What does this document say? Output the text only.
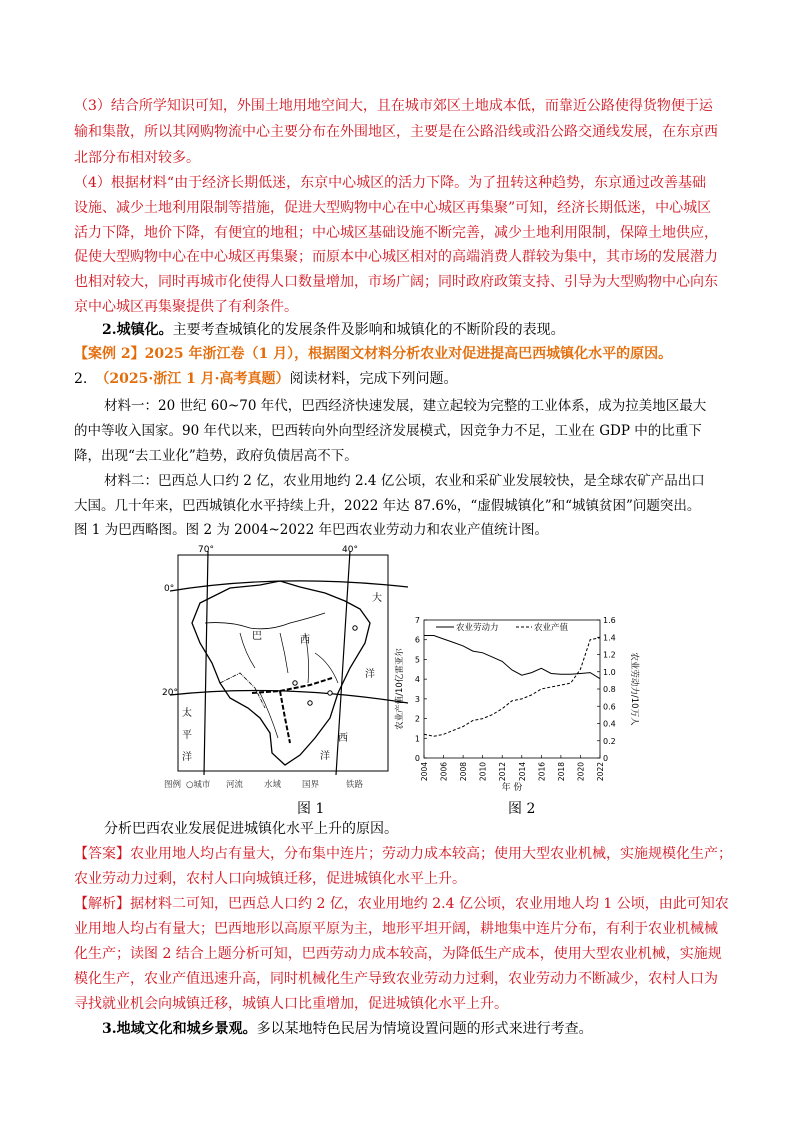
（3）结合所学知识可知，外围土地用地空间大，且在城市郊区土地成本低，而靠近公路使得货物便于运
输和集散，所以其网购物流中心主要分布在外围地区，主要是在公路沿线或沿公路交通线发展，在东京西
北部分布相对较多。
（4）根据材料“由于经济长期低迷，东京中心城区的活力下降。为了扭转这种趋势，东京通过改善基础
设施、减少土地利用限制等措施，促进大型购物中心在中心城区再集聚”可知，经济长期低迷，中心城区
活力下降，地价下降，有便宜的地租；中心城区基础设施不断完善，减少土地利用限制，保障土地供应，
促使大型购物中心在中心城区再集聚；而原本中心城区相对的高端消费人群较为集中，其市场的发展潜力
也相对较大，同时再城市化使得人口数量增加，市场广阔；同时政府政策支持、引导为大型购物中心向东
京中心城区再集聚提供了有利条件。
2.城镇化。主要考查城镇化的发展条件及影响和城镇化的不断阶段的表现。
【案例 2】2025 年浙江卷（1 月），根据图文材料分析农业对促进提高巴西城镇化水平的原因。
2. （2025·浙江 1 月·高考真题）阅读材料，完成下列问题。
材料一：20 世纪 60~70 年代，巴西经济快速发展，建立起较为完整的工业体系，成为拉美地区最大
的中等收入国家。90 年代以来，巴西转向外向型经济发展模式，因竞争力不足，工业在 GDP 中的比重下
降，出现“去工业化”趋势，政府负债居高不下。
材料二：巴西总人口约 2 亿，农业用地约 2.4 亿公顷，农业和采矿业发展较快，是全球农矿产品出口
大国。几十年来，巴西城镇化水平持续上升，2022 年达 87.6%，“虚假城镇化”和“城镇贫困”问题突出。
图 1 为巴西略图。图 2 为 2004~2022 年巴西农业劳动力和农业产值统计图。
70°	40°
0°
20°
大
巴	西
洋
太
平
洋
西
洋
图例 ○城市 河流 水域 国界	铁路
0
1
2
3
4
5
6
7
0
0.2
0.4
0.6
0.8
1.0
1.2
1.4
1.6
2004 2006 2008 2010 2012 2014 2016 2018 2020 2022
年 份
农业产值/10亿雷亚尔	农业劳动力/10万人
农业劳动力	农业产值
图 1	图 2
分析巴西农业发展促进城镇化水平上升的原因。
【答案】农业用地人均占有量大，分布集中连片；劳动力成本较高；使用大型农业机械，实施规模化生产；
农业劳动力过剩，农村人口向城镇迁移，促进城镇化水平上升。
【解析】据材料二可知，巴西总人口约 2 亿，农业用地约 2.4 亿公顷，农业用地人均 1 公顷，由此可知农
业用地人均占有量大；巴西地形以高原平原为主，地形平坦开阔，耕地集中连片分布，有利于农业机械械
化生产；读图 2 结合上题分析可知，巴西劳动力成本较高，为降低生产成本，使用大型农业机械，实施规
模化生产，农业产值迅速升高，同时机械化生产导致农业劳动力过剩，农业劳动力不断减少，农村人口为
寻找就业机会向城镇迁移，城镇人口比重增加，促进城镇化水平上升。
3.地域文化和城乡景观。多以某地特色民居为情境设置问题的形式来进行考查。
